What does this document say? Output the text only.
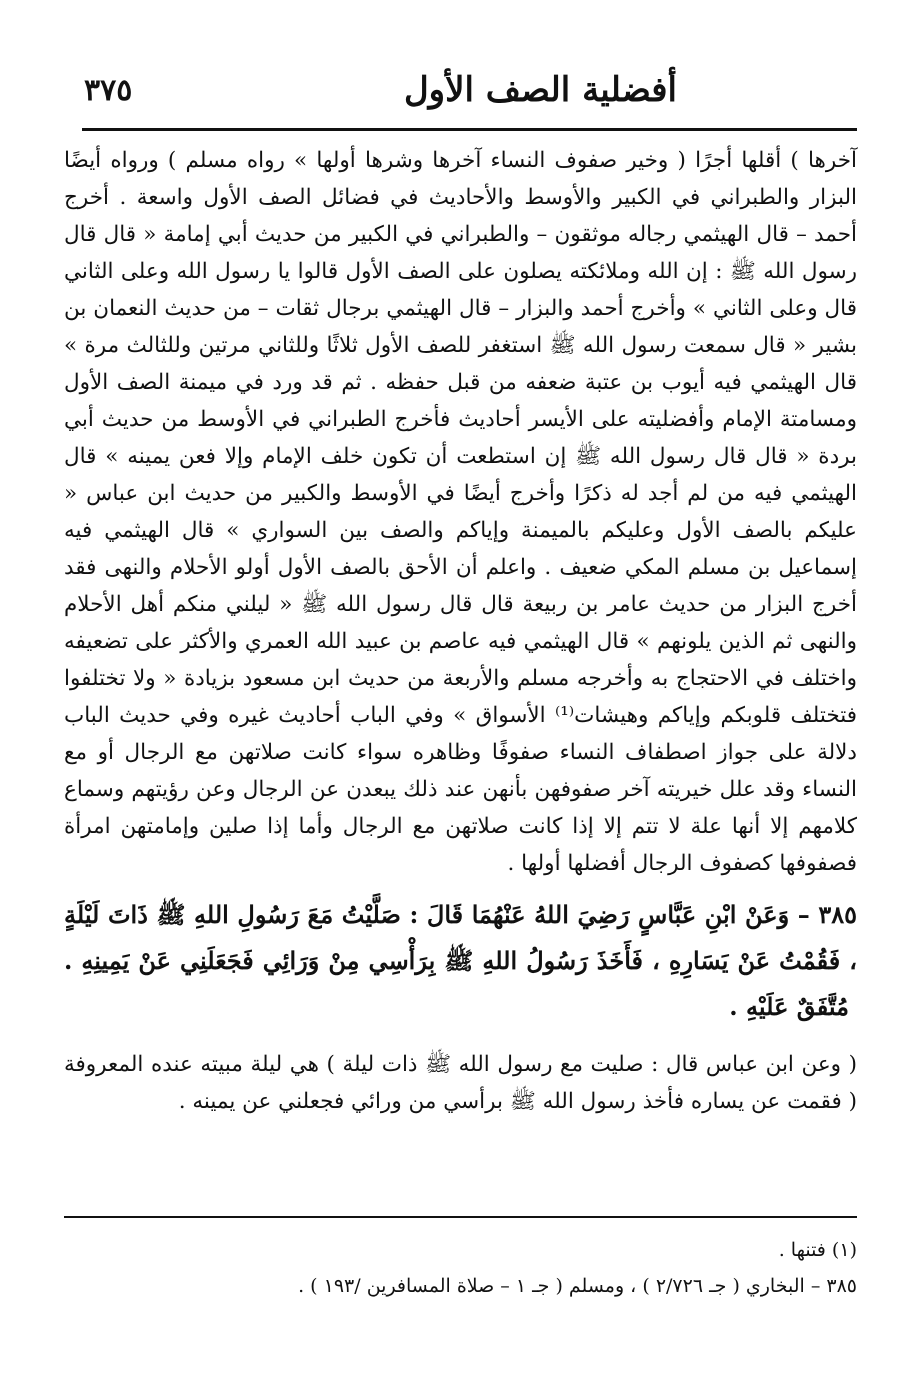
أفضلية الصف الأول
٣٧٥

آخرها ) أقلها أجرًا ( وخير صفوف النساء آخرها وشرها أولها » رواه مسلم ) ورواه أيضًا البزار والطبراني في الكبير والأوسط والأحاديث في فضائل الصف الأول واسعة . أخرج أحمد – قال الهيثمي رجاله موثقون – والطبراني في الكبير من حديث أبي إمامة « قال قال رسول الله ﷺ : إن الله وملائكته يصلون على الصف الأول قالوا يا رسول الله وعلى الثاني قال وعلى الثاني » وأخرج أحمد والبزار – قال الهيثمي برجال ثقات – من حديث النعمان بن بشير « قال سمعت رسول الله ﷺ استغفر للصف الأول ثلاثًا وللثاني مرتين وللثالث مرة » قال الهيثمي فيه أيوب بن عتبة ضعفه من قبل حفظه . ثم قد ورد في ميمنة الصف الأول ومسامتة الإمام وأفضليته على الأيسر أحاديث فأخرج الطبراني في الأوسط من حديث أبي بردة « قال قال رسول الله ﷺ إن استطعت أن تكون خلف الإمام وإلا فعن يمينه » قال الهيثمي فيه من لم أجد له ذكرًا وأخرج أيضًا في الأوسط والكبير من حديث ابن عباس « عليكم بالصف الأول وعليكم بالميمنة وإياكم والصف بين السواري » قال الهيثمي فيه إسماعيل بن مسلم المكي ضعيف . واعلم أن الأحق بالصف الأول أولو الأحلام والنهى فقد أخرج البزار من حديث عامر بن ربيعة قال قال رسول الله ﷺ « ليلني منكم أهل الأحلام والنهى ثم الذين يلونهم » قال الهيثمي فيه عاصم بن عبيد الله العمري والأكثر على تضعيفه واختلف في الاحتجاج به وأخرجه مسلم والأربعة من حديث ابن مسعود بزيادة « ولا تختلفوا فتختلف قلوبكم وإياكم وهيشات⁽¹⁾ الأسواق » وفي الباب أحاديث غيره وفي حديث الباب دلالة على جواز اصطفاف النساء صفوفًا وظاهره سواء كانت صلاتهن مع الرجال أو مع النساء وقد علل خيريته آخر صفوفهن بأنهن عند ذلك يبعدن عن الرجال وعن رؤيتهم وسماع كلامهم إلا أنها علة لا تتم إلا إذا كانت صلاتهن مع الرجال وأما إذا صلين وإمامتهن امرأة فصفوفها كصفوف الرجال أفضلها أولها .

٣٨٥ – وَعَنْ ابْنِ عَبَّاسٍ رَضِيَ اللهُ عَنْهُمَا قَالَ : صَلَّيْتُ مَعَ رَسُولِ اللهِ ﷺ ذَاتَ لَيْلَةٍ ، فَقُمْتُ عَنْ يَسَارِهِ ، فَأَخَذَ رَسُولُ اللهِ ﷺ بِرَأْسِي مِنْ وَرَائِي فَجَعَلَنِي عَنْ يَمِينِهِ . مُتَّفَقٌ عَلَيْهِ .

( وعن ابن عباس قال : صليت مع رسول الله ﷺ ذات ليلة ) هي ليلة مبيته عنده المعروفة ( فقمت عن يساره فأخذ رسول الله ﷺ برأسي من ورائي فجعلني عن يمينه .

(١) فتنها .

٣٨٥ – البخاري ( جـ ٢/٧٢٦ ) ، ومسلم ( جـ ١ – صلاة المسافرين /١٩٣ ) .
